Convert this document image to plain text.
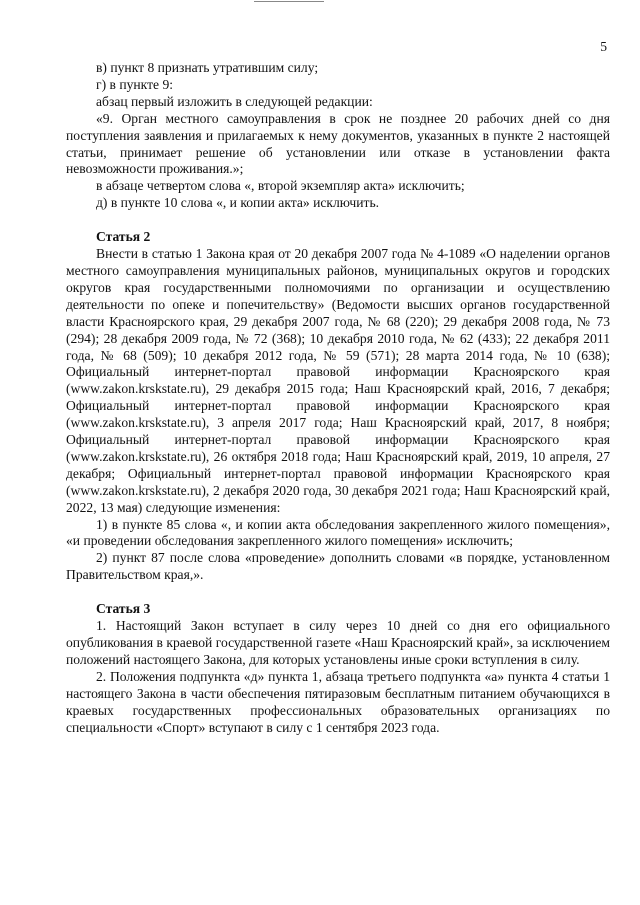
5

в) пункт 8 признать утратившим силу;

г) в пункте 9:

абзац первый изложить в следующей редакции:

«9. Орган местного самоуправления в срок не позднее 20 рабочих дней со дня поступления заявления и прилагаемых к нему документов, указанных в пункте 2 настоящей статьи, принимает решение об установлении или отказе в установлении факта невозможности проживания.»;

в абзаце четвертом слова «, второй экземпляр акта» исключить;

д) в пункте 10 слова «, и копии акта» исключить.

Статья 2

Внести в статью 1 Закона края от 20 декабря 2007 года № 4-1089 «О наделении органов местного самоуправления муниципальных районов, муниципальных округов и городских округов края государственными полномочиями по организации и осуществлению деятельности по опеке и попечительству» (Ведомости высших органов государственной власти Красноярского края, 29 декабря 2007 года, № 68 (220); 29 декабря 2008 года, № 73 (294); 28 декабря 2009 года, № 72 (368); 10 декабря 2010 года, № 62 (433); 22 декабря 2011 года, № 68 (509); 10 декабря 2012 года, № 59 (571); 28 марта 2014 года, № 10 (638); Официальный интернет-портал правовой информации Красноярского края (www.zakon.krskstate.ru), 29 декабря 2015 года; Наш Красноярский край, 2016, 7 декабря; Официальный интернет-портал правовой информации Красноярского края (www.zakon.krskstate.ru), 3 апреля 2017 года; Наш Красноярский край, 2017, 8 ноября; Официальный интернет-портал правовой информации Красноярского края (www.zakon.krskstate.ru), 26 октября 2018 года; Наш Красноярский край, 2019, 10 апреля, 27 декабря; Официальный интернет-портал правовой информации Красноярского края (www.zakon.krskstate.ru), 2 декабря 2020 года, 30 декабря 2021 года; Наш Красноярский край, 2022, 13 мая) следующие изменения:

1) в пункте 85 слова «, и копии акта обследования закрепленного жилого помещения», «и проведении обследования закрепленного жилого помещения» исключить;

2) пункт 87 после слова «проведение» дополнить словами «в порядке, установленном Правительством края,».

Статья 3

1. Настоящий Закон вступает в силу через 10 дней со дня его официального опубликования в краевой государственной газете «Наш Красноярский край», за исключением положений настоящего Закона, для которых установлены иные сроки вступления в силу.

2. Положения подпункта «д» пункта 1, абзаца третьего подпункта «а» пункта 4 статьи 1 настоящего Закона в части обеспечения пятиразовым бесплатным питанием обучающихся в краевых государственных профессиональных образовательных организациях по специальности «Спорт» вступают в силу с 1 сентября 2023 года.
